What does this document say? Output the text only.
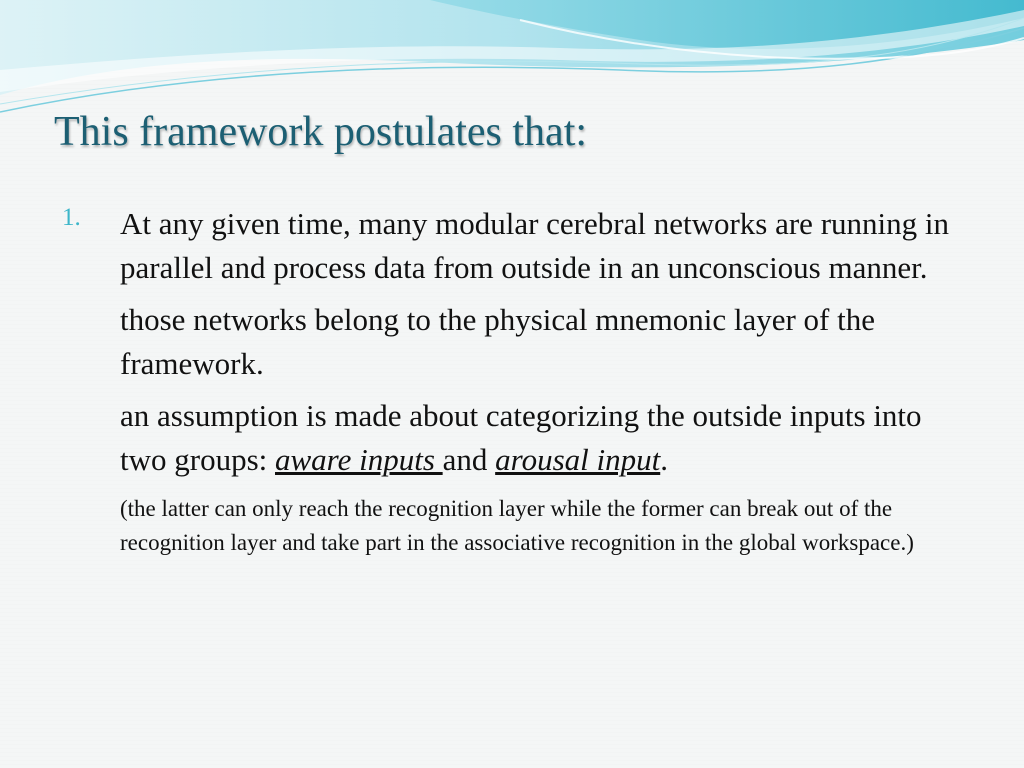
This framework postulates that:
1. At any given time, many modular cerebral networks are running in parallel and process data from outside in an unconscious manner.

those networks belong to the physical mnemonic layer of the framework.

an assumption is made about categorizing the outside inputs into two groups: aware inputs and arousal input.

(the latter can only reach the recognition layer while the former can break out of the recognition layer and take part in the associative recognition in the global workspace.)
